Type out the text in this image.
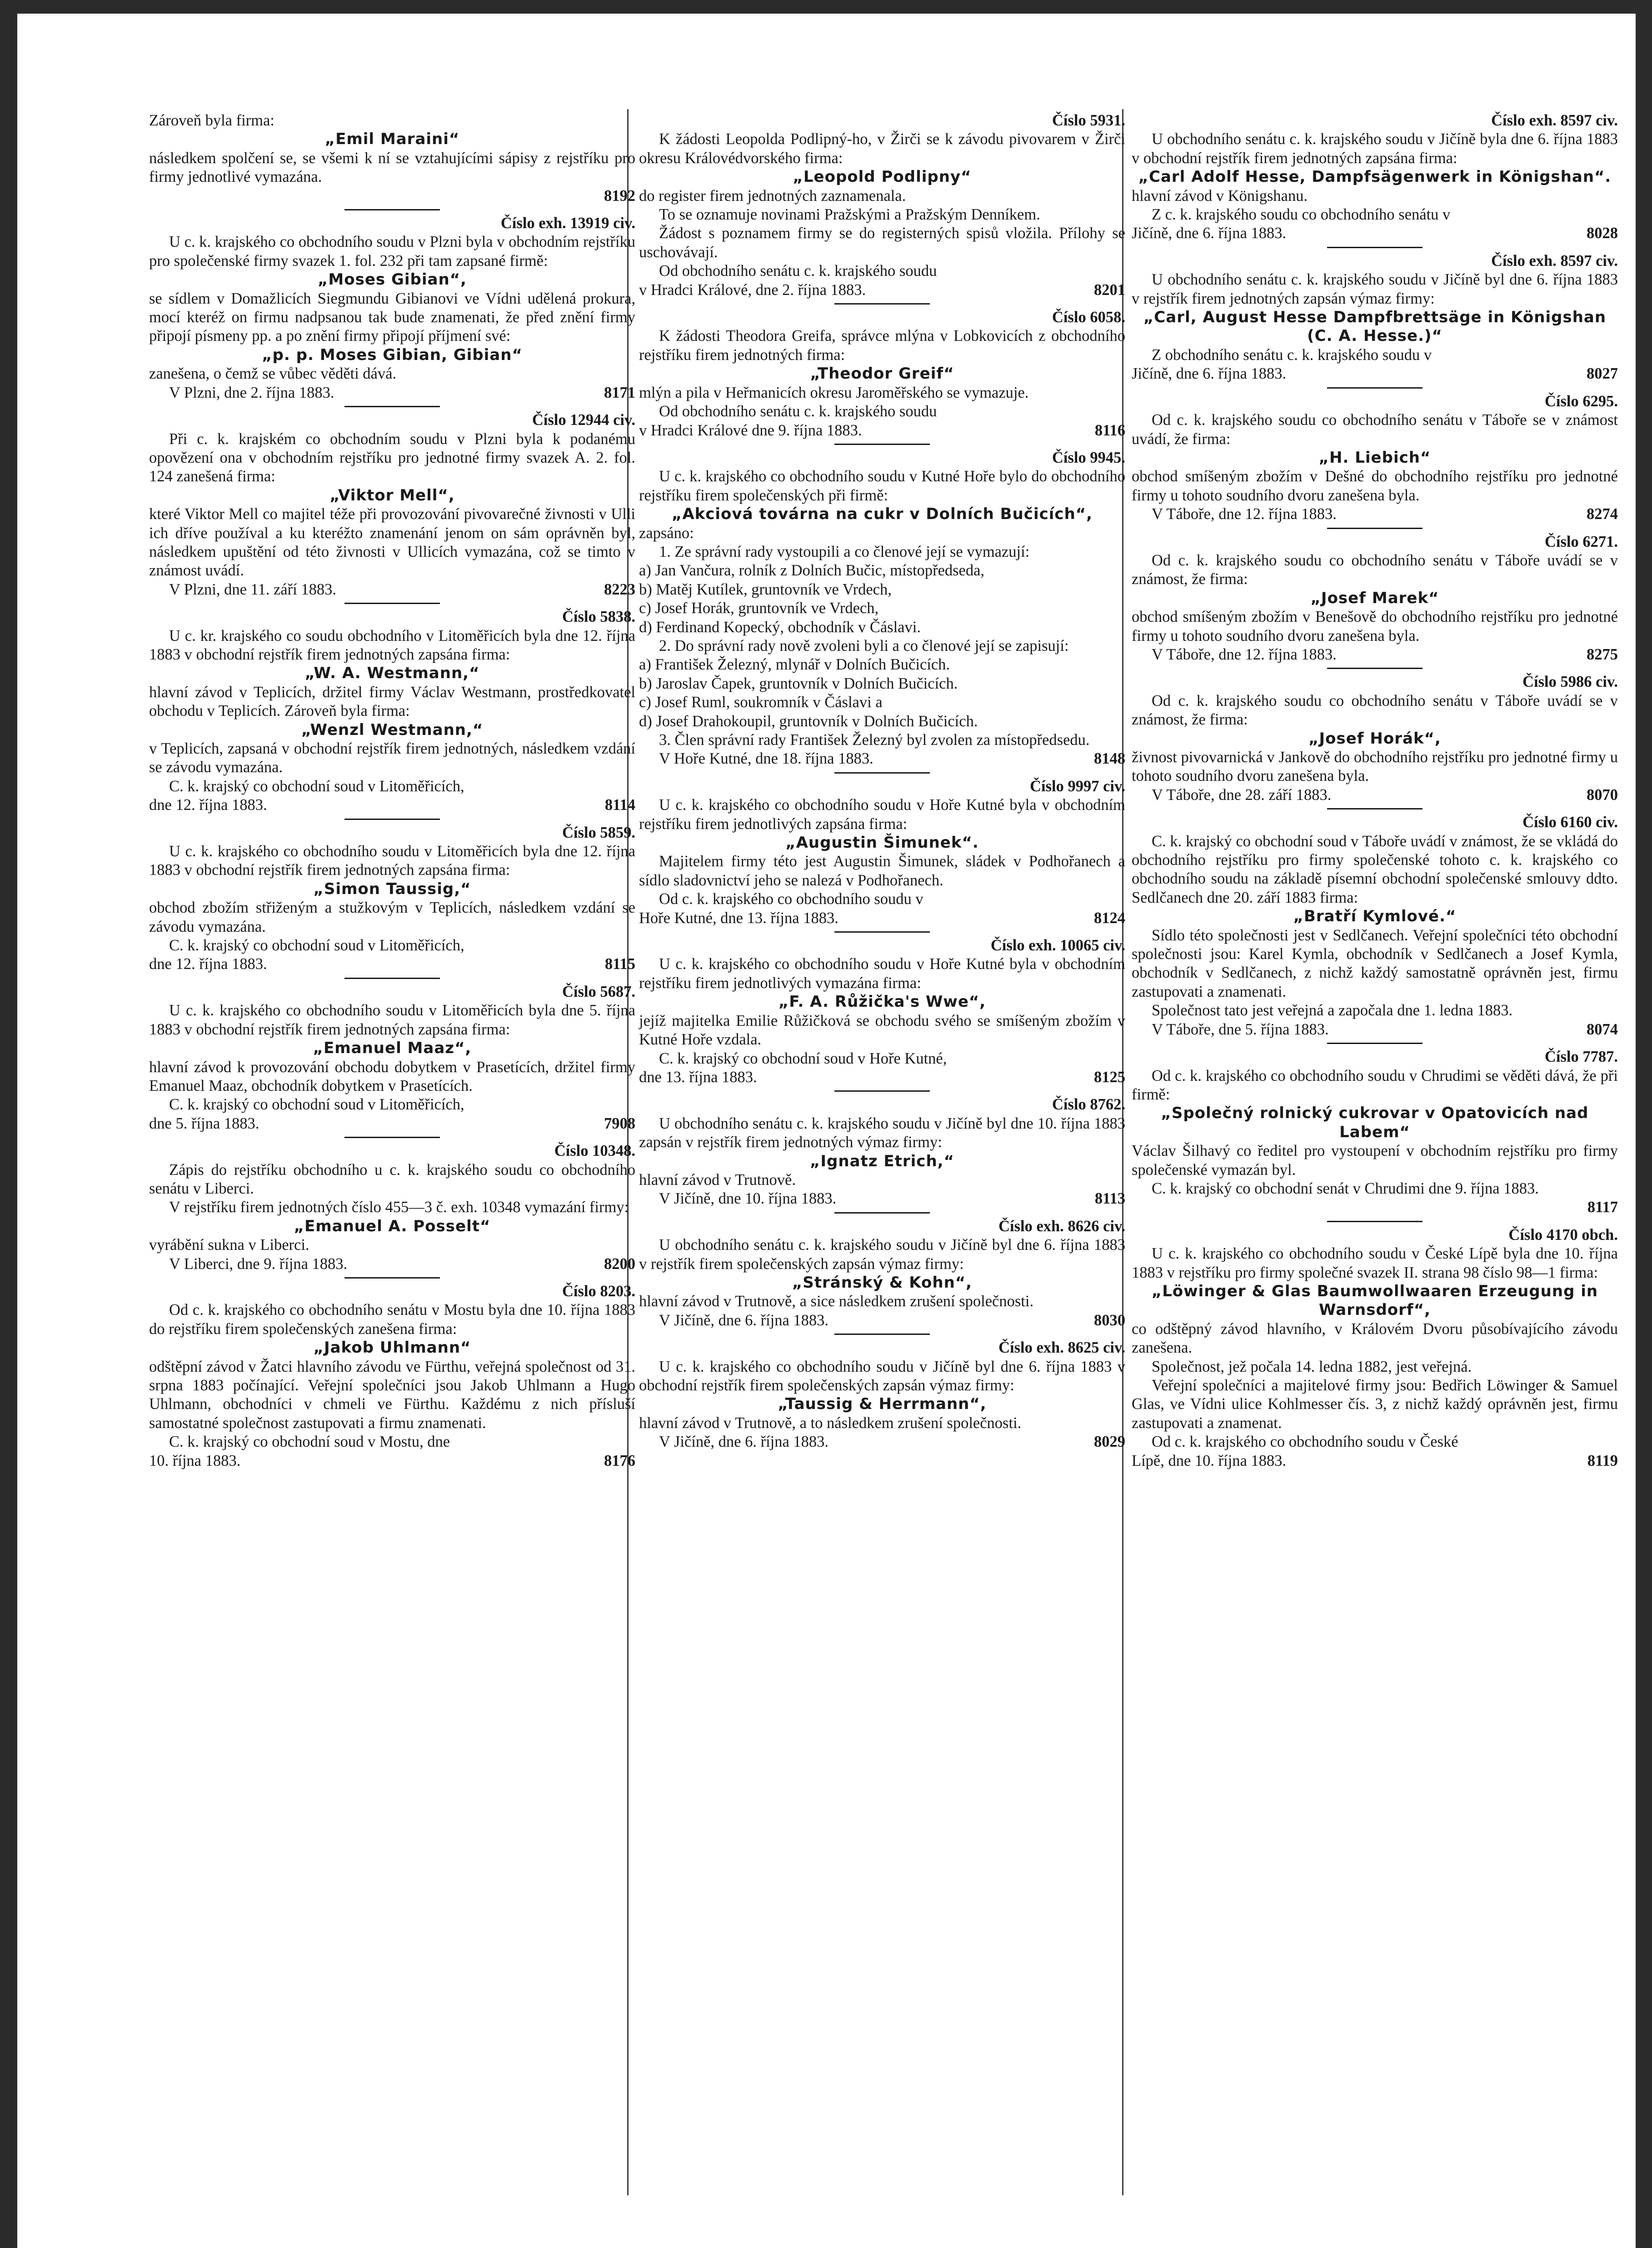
Zároveň byla firma:
„Emil Maraini“
následkem spolčení se, se všemi k ní se vztahujícími sápisy z rejstříku pro firmy jednotlivé vymazána.
8192
Číslo exh. 13919 civ.
U c. k. krajského co obchodního soudu v Plzni byla v obchodním rejstříku pro společenské firmy svazek 1. fol. 232 při tam zapsané firmě:
„Moses Gibian“,
se sídlem v Domažlicích Siegmundu Gibianovi ve Vídni udělená prokura, mocí kteréž on firmu nadpsanou tak bude znamenati, že před znění firmy připojí písmeny pp. a po znění firmy připojí příjmení své:
„p. p. Moses Gibian, Gibian“
zanešena, o čemž se vůbec věděti dává.
V Plzni, dne 2. října 1883.	8171
Číslo 12944 civ.
Při c. k. krajském co obchodním soudu v Plzni byla k podanému opovězení ona v obchodním rejstříku pro jednotné firmy svazek A. 2. fol. 124 zanešená firma:
„Viktor Mell“,
které Viktor Mell co majitel téže při provozování pivovarečné živnosti v Ulli ich dříve používal a ku kteréžto znamenání jenom on sám oprávněn byl, následkem upuštění od této živnosti v Ullicích vymazána, což se timto v známost uvádí.
V Plzni, dne 11. září 1883.	8223
Číslo 5838.
U c. kr. krajského co soudu obchodního v Litoměřicích byla dne 12. října 1883 v obchodní rejstřík firem jednotných zapsána firma:
„W. A. Westmann,“
hlavní závod v Teplicích, držitel firmy Václav Westmann, prostředkovatel obchodu v Teplicích. Zároveň byla firma:
„Wenzl Westmann,“
v Teplicích, zapsaná v obchodní rejstřík firem jednotných, následkem vzdání se závodu vymazána.
C. k. krajský co obchodní soud v Litoměřicích,
dne 12. října 1883.	8114
Číslo 5859.
U c. k. krajského co obchodního soudu v Litoměřicích byla dne 12. října 1883 v obchodní rejstřík firem jednotných zapsána firma:
„Simon Taussig,“
obchod zbožím střiženým a stužkovým v Teplicích, následkem vzdání se závodu vymazána.
C. k. krajský co obchodní soud v Litoměřicích,
dne 12. října 1883.	8115
Číslo 5687.
U c. k. krajského co obchodního soudu v Litoměřicích byla dne 5. října 1883 v obchodní rejstřík firem jednotných zapsána firma:
„Emanuel Maaz“,
hlavní závod k provozování obchodu dobytkem v Prasetících, držitel firmy Emanuel Maaz, obchodník dobytkem v Prasetících.
C. k. krajský co obchodní soud v Litoměřicích,
dne 5. října 1883.	7908
Číslo 10348.
Zápis do rejstříku obchodního u c. k. krajského soudu co obchodního senátu v Liberci.
V rejstříku firem jednotných číslo 455—3 č. exh. 10348 vymazání firmy:
„Emanuel A. Posselt“
vyrábění sukna v Liberci.
V Liberci, dne 9. října 1883.	8200
Číslo 8203.
Od c. k. krajského co obchodního senátu v Mostu byla dne 10. října 1883 do rejstříku firem společenských zanešena firma:
„Jakob Uhlmann“
odštěpní závod v Žatci hlavního závodu ve Fürthu, veřejná společnost od 31. srpna 1883 počínající. Veřejní společníci jsou Jakob Uhlmann a Hugo Uhlmann, obchodníci v chmeli ve Fürthu. Každému z nich přísluší samostatné společnost zastupovati a firmu znamenati.
C. k. krajský co obchodní soud v Mostu, dne
10. října 1883.	8176
Číslo 5931.
K žádosti Leopolda Podlipný-ho, v Žirči se k závodu pivovarem v Žirči okresu Královédvorského firma:
„Leopold Podlipny“
do register firem jednotných zaznamenala.
To se oznamuje novinami Pražskými a Pražským Denníkem.
Žádost s poznamem firmy se do registerných spisů vložila. Přílohy se uschovávají.
Od obchodního senátu c. k. krajského soudu
v Hradci Králové, dne 2. října 1883.	8201
Číslo 6058.
K žádosti Theodora Greifa, správce mlýna v Lobkovicích z obchodního rejstříku firem jednotných firma:
„Theodor Greif“
mlýn a pila v Heřmanicích okresu Jaroměřského se vymazuje.
Od obchodního senátu c. k. krajského soudu
v Hradci Králové dne 9. října 1883.	8116
Číslo 9945.
U c. k. krajského co obchodního soudu v Kutné Hoře bylo do obchodního rejstříku firem společenských při firmě:
„Akciová továrna na cukr v Dolních Bučicích“,
zapsáno:
1. Ze správní rady vystoupili a co členové její se vymazují:
a) Jan Vančura, rolník z Dolních Bučic, místopředseda,
b) Matěj Kutílek, gruntovník ve Vrdech,
c) Josef Horák, gruntovník ve Vrdech,
d) Ferdinand Kopecký, obchodník v Čáslavi.
2. Do správní rady nově zvoleni byli a co členové její se zapisují:
a) František Železný, mlynář v Dolních Bučicích.
b) Jaroslav Čapek, gruntovník v Dolních Bučicích.
c) Josef Ruml, soukromník v Čáslavi a
d) Josef Drahokoupil, gruntovník v Dolních Bučicích.
3. Člen správní rady František Železný byl zvolen za místopředsedu.
V Hoře Kutné, dne 18. října 1883.	8148
Číslo 9997 civ.
U c. k. krajského co obchodního soudu v Hoře Kutné byla v obchodním rejstříku firem jednotlivých zapsána firma:
„Augustin Šimunek“.
Majitelem firmy této jest Augustin Šimunek, sládek v Podhořanech a sídlo sladovnictví jeho se nalezá v Podhořanech.
Od c. k. krajského co obchodního soudu v
Hoře Kutné, dne 13. října 1883.	8124
Číslo exh. 10065 civ.
U c. k. krajského co obchodního soudu v Hoře Kutné byla v obchodním rejstříku firem jednotlivých vymazána firma:
„F. A. Růžička's Wwe“,
jejíž majitelka Emilie Růžičková se obchodu svého se smíšeným zbožím v Kutné Hoře vzdala.
C. k. krajský co obchodní soud v Hoře Kutné,
dne 13. října 1883.	8125
Číslo 8762.
U obchodního senátu c. k. krajského soudu v Jičíně byl dne 10. října 1883 zapsán v rejstřík firem jednotných výmaz firmy:
„Ignatz Etrich,“
hlavní závod v Trutnově.
V Jičíně, dne 10. října 1883.	8113
Číslo exh. 8626 civ.
U obchodního senátu c. k. krajského soudu v Jičíně byl dne 6. října 1883 v rejstřík firem společenských zapsán výmaz firmy:
„Stránský & Kohn“,
hlavní závod v Trutnově, a sice následkem zrušení společnosti.
V Jičíně, dne 6. října 1883.	8030
Číslo exh. 8625 civ.
U c. k. krajského co obchodního soudu v Jičíně byl dne 6. října 1883 v obchodní rejstřík firem společenských zapsán výmaz firmy:
„Taussig & Herrmann“,
hlavní závod v Trutnově, a to následkem zrušení společnosti.
V Jičíně, dne 6. října 1883.	8029
Číslo exh. 8597 civ.
U obchodního senátu c. k. krajského soudu v Jičíně byla dne 6. října 1883 v obchodní rejstřík firem jednotných zapsána firma:
„Carl Adolf Hesse, Dampfsägenwerk in Königshan“.
hlavní závod v Königshanu.
Z c. k. krajského soudu co obchodního senátu v
Jičíně, dne 6. října 1883.	8028
Číslo exh. 8597 civ.
U obchodního senátu c. k. krajského soudu v Jičíně byl dne 6. října 1883 v rejstřík firem jednotných zapsán výmaz firmy:
„Carl, August Hesse Dampfbrettsäge in Königshan (C. A. Hesse.)“
Z obchodního senátu c. k. krajského soudu v
Jičíně, dne 6. října 1883.	8027
Číslo 6295.
Od c. k. krajského soudu co obchodního senátu v Táboře se v známost uvádí, že firma:
„H. Liebich“
obchod smíšeným zbožím v Dešné do obchodního rejstříku pro jednotné firmy u tohoto soudního dvoru zanešena byla.
V Táboře, dne 12. října 1883.	8274
Číslo 6271.
Od c. k. krajského soudu co obchodního senátu v Táboře uvádí se v známost, že firma:
„Josef Marek“
obchod smíšeným zbožím v Benešově do obchodního rejstříku pro jednotné firmy u tohoto soudního dvoru zanešena byla.
V Táboře, dne 12. října 1883.	8275
Číslo 5986 civ.
Od c. k. krajského soudu co obchodního senátu v Táboře uvádí se v známost, že firma:
„Josef Horák“,
živnost pivovarnická v Jankově do obchodního rejstříku pro jednotné firmy u tohoto soudního dvoru zanešena byla.
V Táboře, dne 28. září 1883.	8070
Číslo 6160 civ.
C. k. krajský co obchodní soud v Táboře uvádí v známost, že se vkládá do obchodního rejstříku pro firmy společenské tohoto c. k. krajského co obchodního soudu na základě písemní obchodní společenské smlouvy ddto. Sedlčanech dne 20. září 1883 firma:
„Bratří Kymlové.“
Sídlo této společnosti jest v Sedlčanech. Veřejní společníci této obchodní společnosti jsou: Karel Kymla, obchodník v Sedlčanech a Josef Kymla, obchodník v Sedlčanech, z nichž každý samostatně oprávněn jest, firmu zastupovati a znamenati.
Společnost tato jest veřejná a započala dne 1. ledna 1883.
V Táboře, dne 5. října 1883.	8074
Číslo 7787.
Od c. k. krajského co obchodního soudu v Chrudimi se věděti dává, že při firmě:
„Společný rolnický cukrovar v Opatovicích nad Labem“
Václav Šilhavý co ředitel pro vystoupení v obchodním rejstříku pro firmy společenské vymazán byl.
C. k. krajský co obchodní senát v Chrudimi dne 9. října 1883.
8117
Číslo 4170 obch.
U c. k. krajského co obchodního soudu v České Lípě byla dne 10. října 1883 v rejstříku pro firmy společné svazek II. strana 98 číslo 98—1 firma:
„Löwinger & Glas Baumwollwaaren Erzeugung in Warnsdorf“,
co odštěpný závod hlavního, v Královém Dvoru působívajícího závodu zanešena.
Společnost, jež počala 14. ledna 1882, jest veřejná.
Veřejní společníci a majitelové firmy jsou: Bedřich Löwinger & Samuel Glas, ve Vídni ulice Kohlmesser čís. 3, z nichž každý oprávněn jest, firmu zastupovati a znamenat.
Od c. k. krajského co obchodního soudu v České
Lípě, dne 10. října 1883.	8119
